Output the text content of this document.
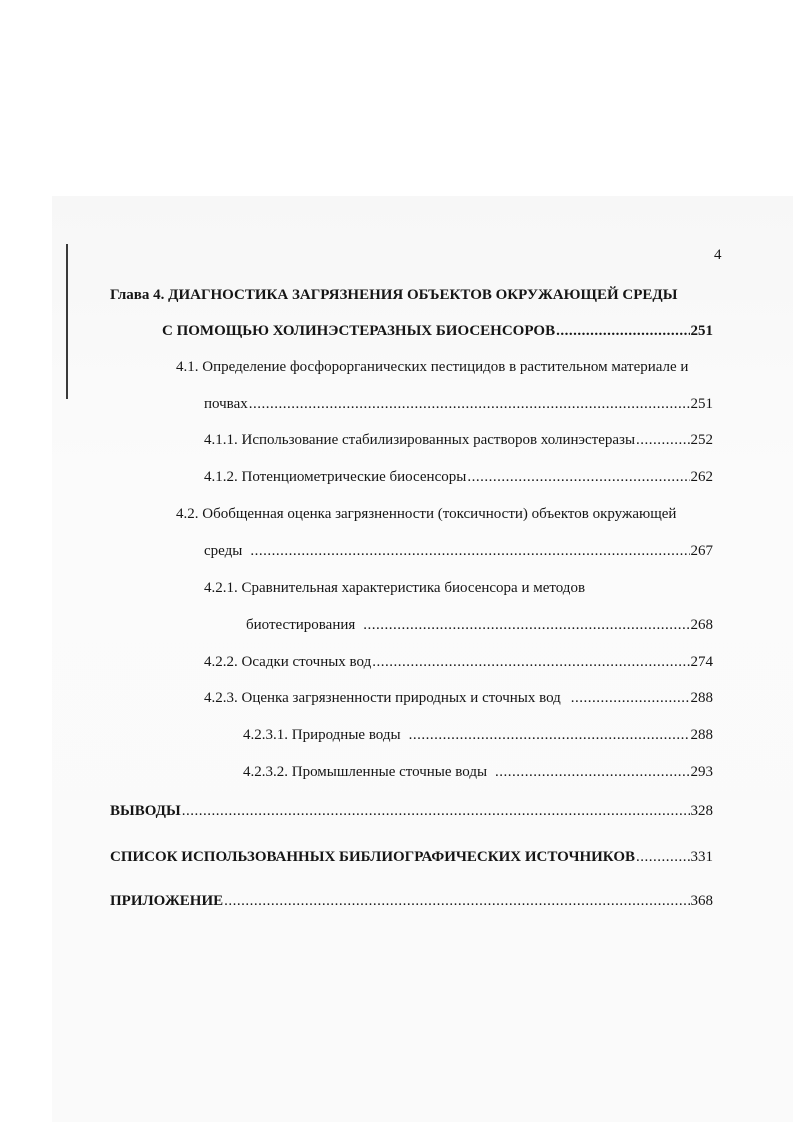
4
Глава 4. ДИАГНОСТИКА ЗАГРЯЗНЕНИЯ ОБЪЕКТОВ ОКРУЖАЮЩЕЙ СРЕДЫ
С ПОМОЩЬЮ ХОЛИНЭСТЕРАЗНЫХ БИОСЕНСОРОВ .....	251
4.1. Определение фосфорорганических пестицидов в растительном материале и
почвах .....	251
4.1.1. Использование стабилизированных растворов холинэстеразы .....	252
4.1.2. Потенциометрические биосенсоры .....	262
4.2. Обобщенная оценка загрязненности (токсичности) объектов окружающей
среды .....	267
4.2.1. Сравнительная характеристика биосенсора и методов
биотестирования .....	268
4.2.2. Осадки сточных вод .....	274
4.2.3. Оценка загрязненности природных и сточных вод .....	288
4.2.3.1. Природные воды .....	288
4.2.3.2. Промышленные сточные воды .....	293
ВЫВОДЫ .....	328
СПИСОК ИСПОЛЬЗОВАННЫХ БИБЛИОГРАФИЧЕСКИХ ИСТОЧНИКОВ .....	331
ПРИЛОЖЕНИЕ .....	368
